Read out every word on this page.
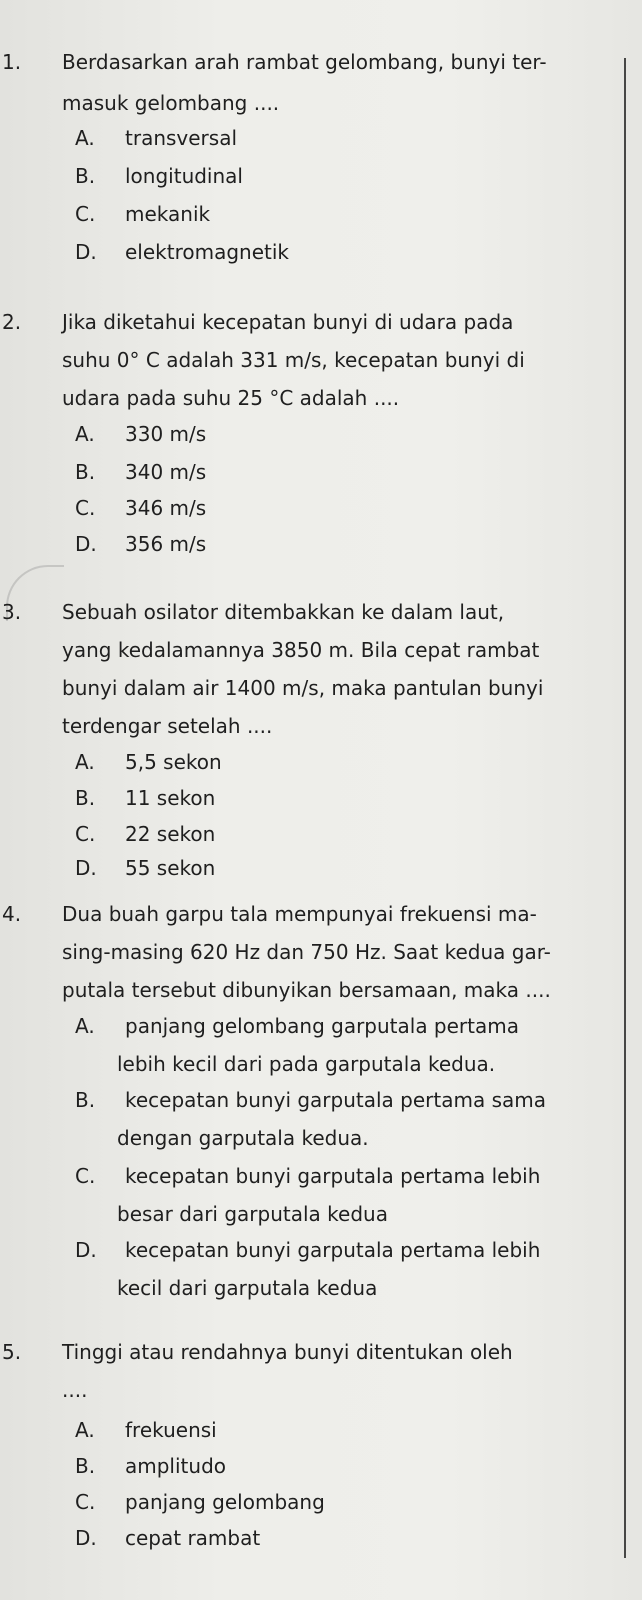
1. Berdasarkan arah rambat gelombang, bunyi ter-
masuk gelombang ....
A. transversal
B. longitudinal
C. mekanik
D. elektromagnetik
2. Jika diketahui kecepatan bunyi di udara pada
suhu 0° C adalah 331 m/s, kecepatan bunyi di
udara pada suhu 25 °C adalah ....
A. 330 m/s
B. 340 m/s
C. 346 m/s
D. 356 m/s
3. Sebuah osilator ditembakkan ke dalam laut,
yang kedalamannya 3850 m. Bila cepat rambat
bunyi dalam air 1400 m/s, maka pantulan bunyi
terdengar setelah ....
A. 5,5 sekon
B. 11 sekon
C. 22 sekon
D. 55 sekon
4. Dua buah garpu tala mempunyai frekuensi ma-
sing-masing 620 Hz dan 750 Hz. Saat kedua gar-
putala tersebut dibunyikan bersamaan, maka ....
A. panjang gelombang garputala pertama
lebih kecil dari pada garputala kedua.
B. kecepatan bunyi garputala pertama sama
dengan garputala kedua.
C. kecepatan bunyi garputala pertama lebih
besar dari garputala kedua
D. kecepatan bunyi garputala pertama lebih
kecil dari garputala kedua
5. Tinggi atau rendahnya bunyi ditentukan oleh
....
A. frekuensi
B. amplitudo
C. panjang gelombang
D. cepat rambat
